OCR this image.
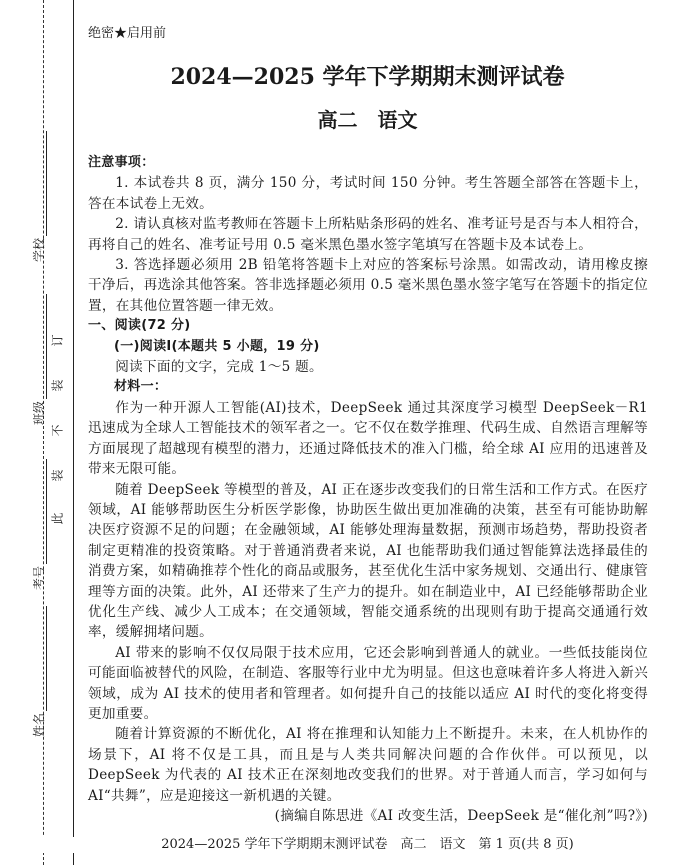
学校
班级
考号
姓名
此
装
不
装
订
绝密★启用前
2024—2025 学年下学期期末测评试卷
高二　语文

注意事项：

1. 本试卷共 8 页，满分 150 分，考试时间 150 分钟。考生答题全部答在答题卡上，答在本试卷上无效。

2. 请认真核对监考教师在答题卡上所粘贴条形码的姓名、准考证号是否与本人相符合，再将自己的姓名、准考证号用 0.5 毫米黑色墨水签字笔填写在答题卡及本试卷上。

3. 答选择题必须用 2B 铅笔将答题卡上对应的答案标号涂黑。如需改动，请用橡皮擦干净后，再选涂其他答案。答非选择题必须用 0.5 毫米黑色墨水签字笔写在答题卡的指定位置，在其他位置答题一律无效。

一、阅读(72 分)

(一)阅读Ⅰ(本题共 5 小题，19 分)

阅读下面的文字，完成 1～5 题。

材料一：

作为一种开源人工智能(AI)技术，DeepSeek 通过其深度学习模型 DeepSeek－R1 迅速成为全球人工智能技术的领军者之一。它不仅在数学推理、代码生成、自然语言理解等方面展现了超越现有模型的潜力，还通过降低技术的准入门槛，给全球 AI 应用的迅速普及带来无限可能。

随着 DeepSeek 等模型的普及，AI 正在逐步改变我们的日常生活和工作方式。在医疗领域，AI 能够帮助医生分析医学影像，协助医生做出更加准确的决策，甚至有可能协助解决医疗资源不足的问题；在金融领域，AI 能够处理海量数据，预测市场趋势，帮助投资者制定更精准的投资策略。对于普通消费者来说，AI 也能帮助我们通过智能算法选择最佳的消费方案，如精确推荐个性化的商品或服务，甚至优化生活中家务规划、交通出行、健康管理等方面的决策。此外，AI 还带来了生产力的提升。如在制造业中，AI 已经能够帮助企业优化生产线、减少人工成本；在交通领域，智能交通系统的出现则有助于提高交通通行效率，缓解拥堵问题。

AI 带来的影响不仅仅局限于技术应用，它还会影响到普通人的就业。一些低技能岗位可能面临被替代的风险，在制造、客服等行业中尤为明显。但这也意味着许多人将进入新兴领域，成为 AI 技术的使用者和管理者。如何提升自己的技能以适应 AI 时代的变化将变得更加重要。

随着计算资源的不断优化，AI 将在推理和认知能力上不断提升。未来，在人机协作的场景下，AI 将不仅是工具，而且是与人类共同解决问题的合作伙伴。可以预见，以 DeepSeek 为代表的 AI 技术正在深刻地改变我们的世界。对于普通人而言，学习如何与 AI“共舞”，应是迎接这一新机遇的关键。

(摘编自陈思进《AI 改变生活，DeepSeek 是“催化剂”吗?》)

2024—2025 学年下学期期末测评试卷　高二　语文　第 1 页(共 8 页)
